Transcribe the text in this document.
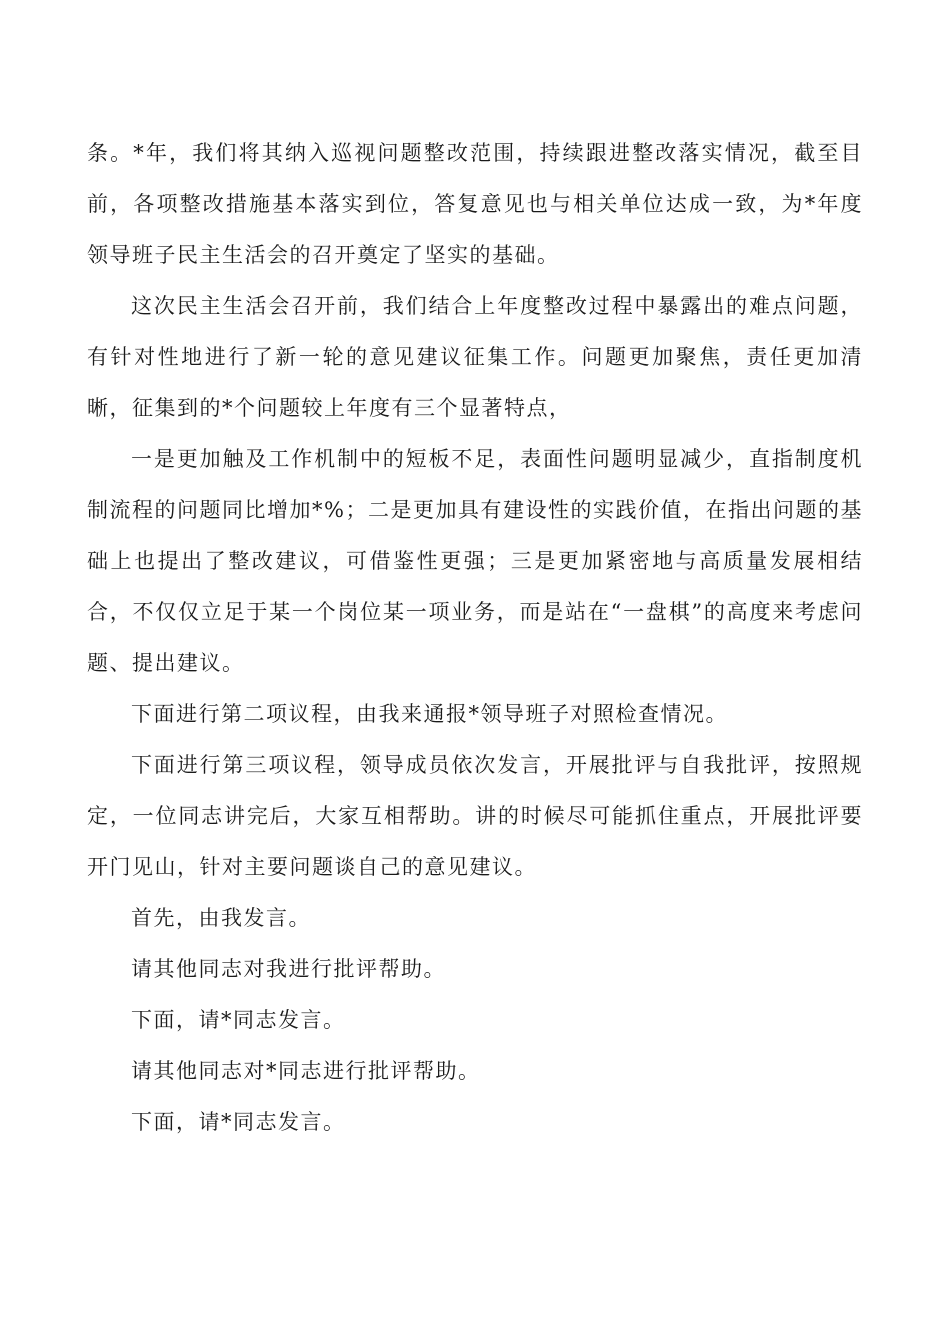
条。*年，我们将其纳入巡视问题整改范围，持续跟进整改落实情况，截至目前，各项整改措施基本落实到位，答复意见也与相关单位达成一致，为*年度领导班子民主生活会的召开奠定了坚实的基础。

这次民主生活会召开前，我们结合上年度整改过程中暴露出的难点问题，有针对性地进行了新一轮的意见建议征集工作。问题更加聚焦，责任更加清晰，征集到的*个问题较上年度有三个显著特点，

一是更加触及工作机制中的短板不足，表面性问题明显减少，直指制度机制流程的问题同比增加*%；二是更加具有建设性的实践价值，在指出问题的基础上也提出了整改建议，可借鉴性更强；三是更加紧密地与高质量发展相结合，不仅仅立足于某一个岗位某一项业务，而是站在“一盘棋”的高度来考虑问题、提出建议。

下面进行第二项议程，由我来通报*领导班子对照检查情况。

下面进行第三项议程，领导成员依次发言，开展批评与自我批评，按照规定，一位同志讲完后，大家互相帮助。讲的时候尽可能抓住重点，开展批评要开门见山，针对主要问题谈自己的意见建议。

首先，由我发言。

请其他同志对我进行批评帮助。

下面，请*同志发言。

请其他同志对*同志进行批评帮助。

下面，请*同志发言。
